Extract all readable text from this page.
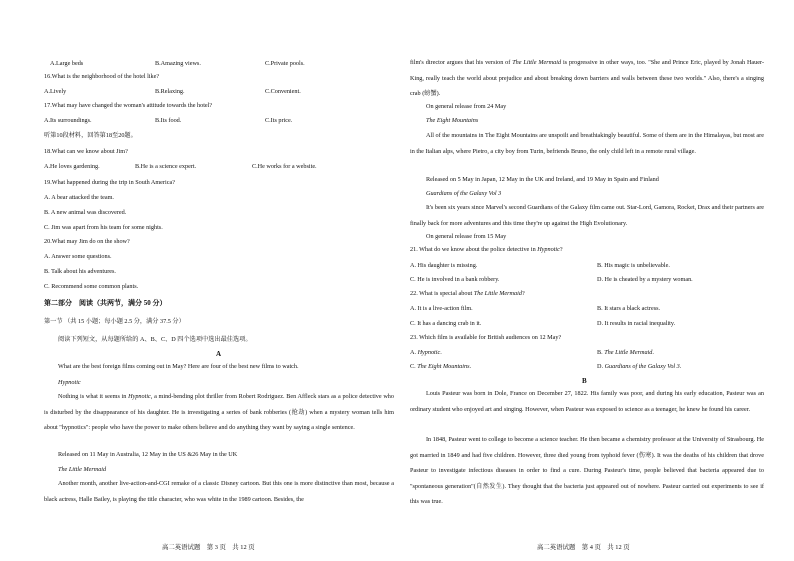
A.Large beds	B.Amazing views.	C.Private pools.
16.What is the neighborhood of the hotel like?
A.Lively	B.Relaxing.	C.Convenient.
17.What may have changed the woman's attitude towards the hotel?
A.Its surroundings.	B.Its food.	C.Its price.
听第10段材料，回答第18至20题。
18.What can we know about Jim?
A.He loves gardening.	B.He is a science expert.	C.He works for a website.
19.What happened during the trip in South America?
A. A bear attacked the team.
B. A new animal was discovered.
C. Jim was apart from his team for some nights.
20.What may Jim do on the show?
A. Answer some questions.
B. Talk about his adventures.
C. Recommend some common plants.
第二部分　阅读（共两节，满分 50 分）
第一节 （共 15 小题；每小题 2.5 分，满分 37.5 分）
阅读下列短文，从每题所给的 A、B、C、D 四个选项中选出最佳选项。
A
What are the best foreign films coming out in May? Here are four of the best new films to watch.
Hypnotic
Nothing is what it seems in Hypnotic, a mind-bending plot thriller from Robert Rodriguez. Ben Affleck stars as a police detective who is disturbed by the disappearance of his daughter. He is investigating a series of bank robberies (抢劫) when a mystery woman tells him about "hypnotics": people who have the power to make others believe and do anything they want by saying a single sentence.
Released on 11 May in Australia, 12 May in the US &26 May in the UK
The Little Mermaid
Another month, another live-action-and-CGI remake of a classic Disney cartoon. But this one is more distinctive than most, because a black actress, Halle Bailey, is playing the title character, who was white in the 1989 cartoon. Besides, the
高二英语试题　第 3 页　共 12 页
film's director argues that his version of The Little Mermaid is progressive in other ways, too. "She and Prince Eric, played by Jonah Hauer-King, really teach the world about prejudice and about breaking down barriers and walls between these two worlds." Also, there's a singing crab (螃蟹).
On general release from 24 May
The Eight Mountains
All of the mountains in The Eight Mountains are unspoilt and breathtakingly beautiful. Some of them are in the Himalayas, but most are in the Italian alps, where Pietro, a city boy from Turin, befriends Bruno, the only child left in a remote rural village.
Released on 5 May in Japan, 12 May in the UK and Ireland, and 19 May in Spain and Finland
Guardians of the Galaxy Vol 3
It's been six years since Marvel's second Guardians of the Galaxy film came out. Star-Lord, Gamora, Rocket, Drax and their partners are finally back for more adventures and this time they're up against the High Evolutionary.
On general release from 15 May
21. What do we know about the police detective in Hypnotic?
A. His daughter is missing.	B. His magic is unbelievable.
C. He is involved in a bank robbery.	D. He is cheated by a mystery woman.
22. What is special about The Little Mermaid?
A. It is a live-action film.	B. It stars a black actress.
C. It has a dancing crab in it.	D. It results in racial inequality.
23. Which film is available for British audiences on 12 May?
A. Hypnotic.	B. The Little Mermaid.
C. The Eight Mountains.	D. Guardians of the Galaxy Vol 3.
B
Louis Pasteur was born in Dole, France on December 27, 1822. His family was poor, and during his early education, Pasteur was an ordinary student who enjoyed art and singing. However, when Pasteur was exposed to science as a teenager, he knew he found his career.
In 1848, Pasteur went to college to become a science teacher. He then became a chemistry professor at the University of Strasbourg. He got married in 1849 and had five children. However, three died young from typhoid fever (伤寒). It was the deaths of his children that drove Pasteur to investigate infectious diseases in order to find a cure. During Pasteur's time, people believed that bacteria appeared due to "spontaneous generation"(自然发生). They thought that the bacteria just appeared out of nowhere. Pasteur carried out experiments to see if this was true.
高二英语试题　第 4 页　共 12 页
